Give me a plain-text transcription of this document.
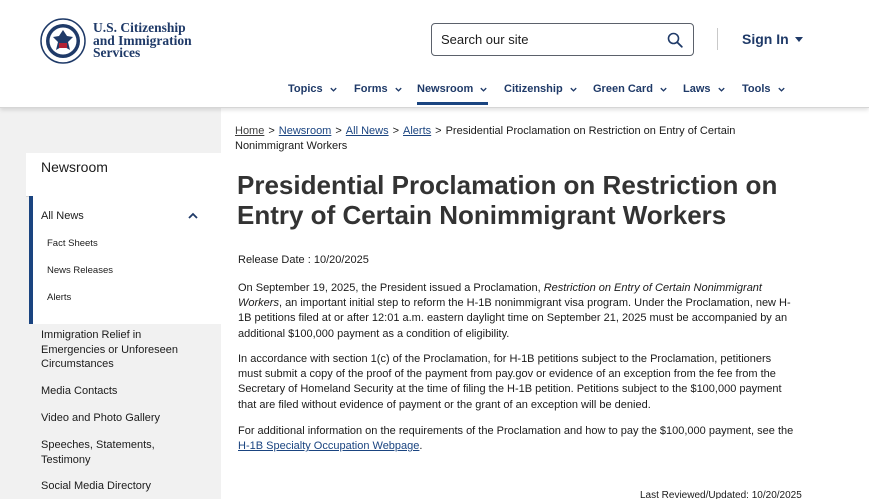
U.S. Citizenship
and Immigration
Services
Search our site	Sign In
Topics	Forms	Newsroom	Citizenship	Green Card	Laws	Tools
Newsroom
All News
Fact Sheets
News Releases
Alerts
Immigration Relief in Emergencies or Unforeseen Circumstances
Media Contacts
Video and Photo Gallery
Speeches, Statements, Testimony
Social Media Directory
Home > Newsroom > All News > Alerts > Presidential Proclamation on Restriction on Entry of Certain Nonimmigrant Workers
Presidential Proclamation on Restriction on Entry of Certain Nonimmigrant Workers
Release Date : 10/20/2025

On September 19, 2025, the President issued a Proclamation, Restriction on Entry of Certain Nonimmigrant Workers, an important initial step to reform the H-1B nonimmigrant visa program. Under the Proclamation, new H-1B petitions filed at or after 12:01 a.m. eastern daylight time on September 21, 2025 must be accompanied by an additional $100,000 payment as a condition of eligibility.

In accordance with section 1(c) of the Proclamation, for H-1B petitions subject to the Proclamation, petitioners must submit a copy of the proof of the payment from pay.gov or evidence of an exception from the fee from the Secretary of Homeland Security at the time of filing the H-1B petition. Petitions subject to the $100,000 payment that are filed without evidence of payment or the grant of an exception will be denied.

For additional information on the requirements of the Proclamation and how to pay the $100,000 payment, see the H-1B Specialty Occupation Webpage.

Last Reviewed/Updated: 10/20/2025
